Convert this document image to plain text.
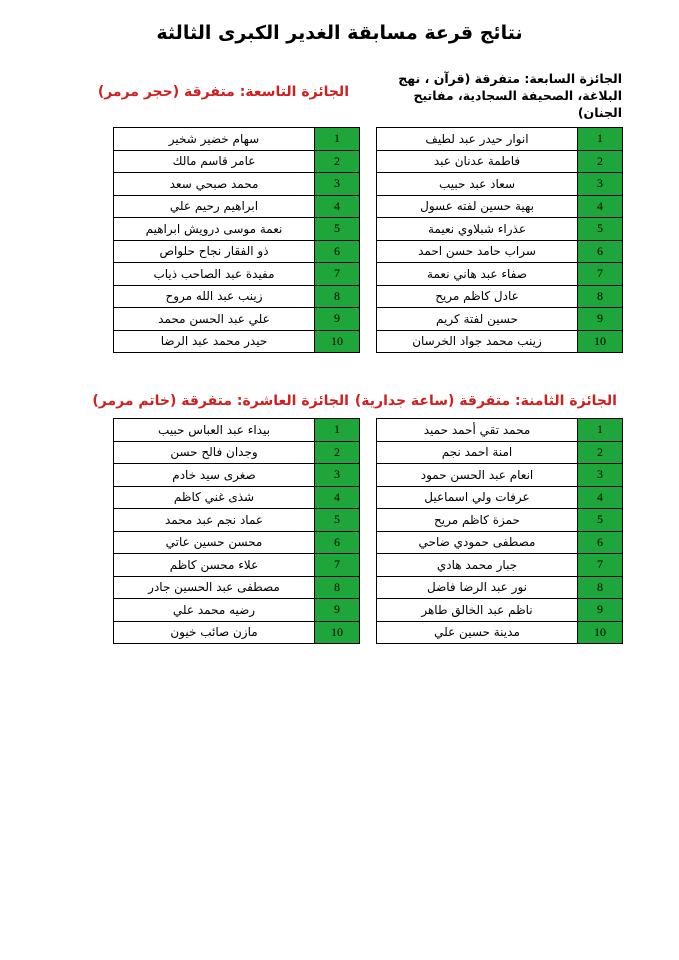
نتائج قرعة مسابقة الغدير الكبرى الثالثة
الجائزة السابعة: متفرقة (قرآن ، نهج البلاغة، الصحيفة السجادية، مفاتيح الجنان)
1	انوار حيدر عبد لطيف
2	فاطمة عدنان عبد
3	سعاد عبد حبيب
4	بهية حسين لفته عسول
5	عذراء شبلاوي نعيمة
6	سراب حامد حسن احمد
7	صفاء عبد هاني نعمة
8	عادل كاظم مريح
9	حسين لفتة كريم
10	زينب محمد جواد الخرسان
الجائزة التاسعة: متفرقة (حجر مرمر)
1	سهام خضير شخير
2	عامر قاسم مالك
3	محمد صبحي سعد
4	ابراهيم رحيم علي
5	نعمة موسى درويش ابراهيم
6	ذو الفقار نجاح حلواص
7	مفيدة عبد الصاحب ذياب
8	زينب عبد الله مروح
9	علي عبد الحسن محمد
10	حيدر محمد عبد الرضا
الجائزة الثامنة: متفرقة (ساعة جدارية)
1	محمد تقي أحمد حميد
2	امنة احمد نجم
3	انعام عبد الحسن حمود
4	عرفات ولي اسماعيل
5	حمزة كاظم مريح
6	مصطفى حمودي ضاحي
7	جبار محمد هادي
8	نور عبد الرضا فاضل
9	ناظم عبد الخالق طاهر
10	مدينة حسين علي
الجائزة العاشرة: متفرقة (خاتم مرمر)
1	بيداء عبد العباس حبيب
2	وجدان فالح حسن
3	صغرى سيد خادم
4	شذى غني كاظم
5	عماد نجم عبد محمد
6	محسن حسين عاتي
7	علاء محسن كاظم
8	مصطفى عبد الحسين جادر
9	رضيه محمد علي
10	مازن صائب خيون
